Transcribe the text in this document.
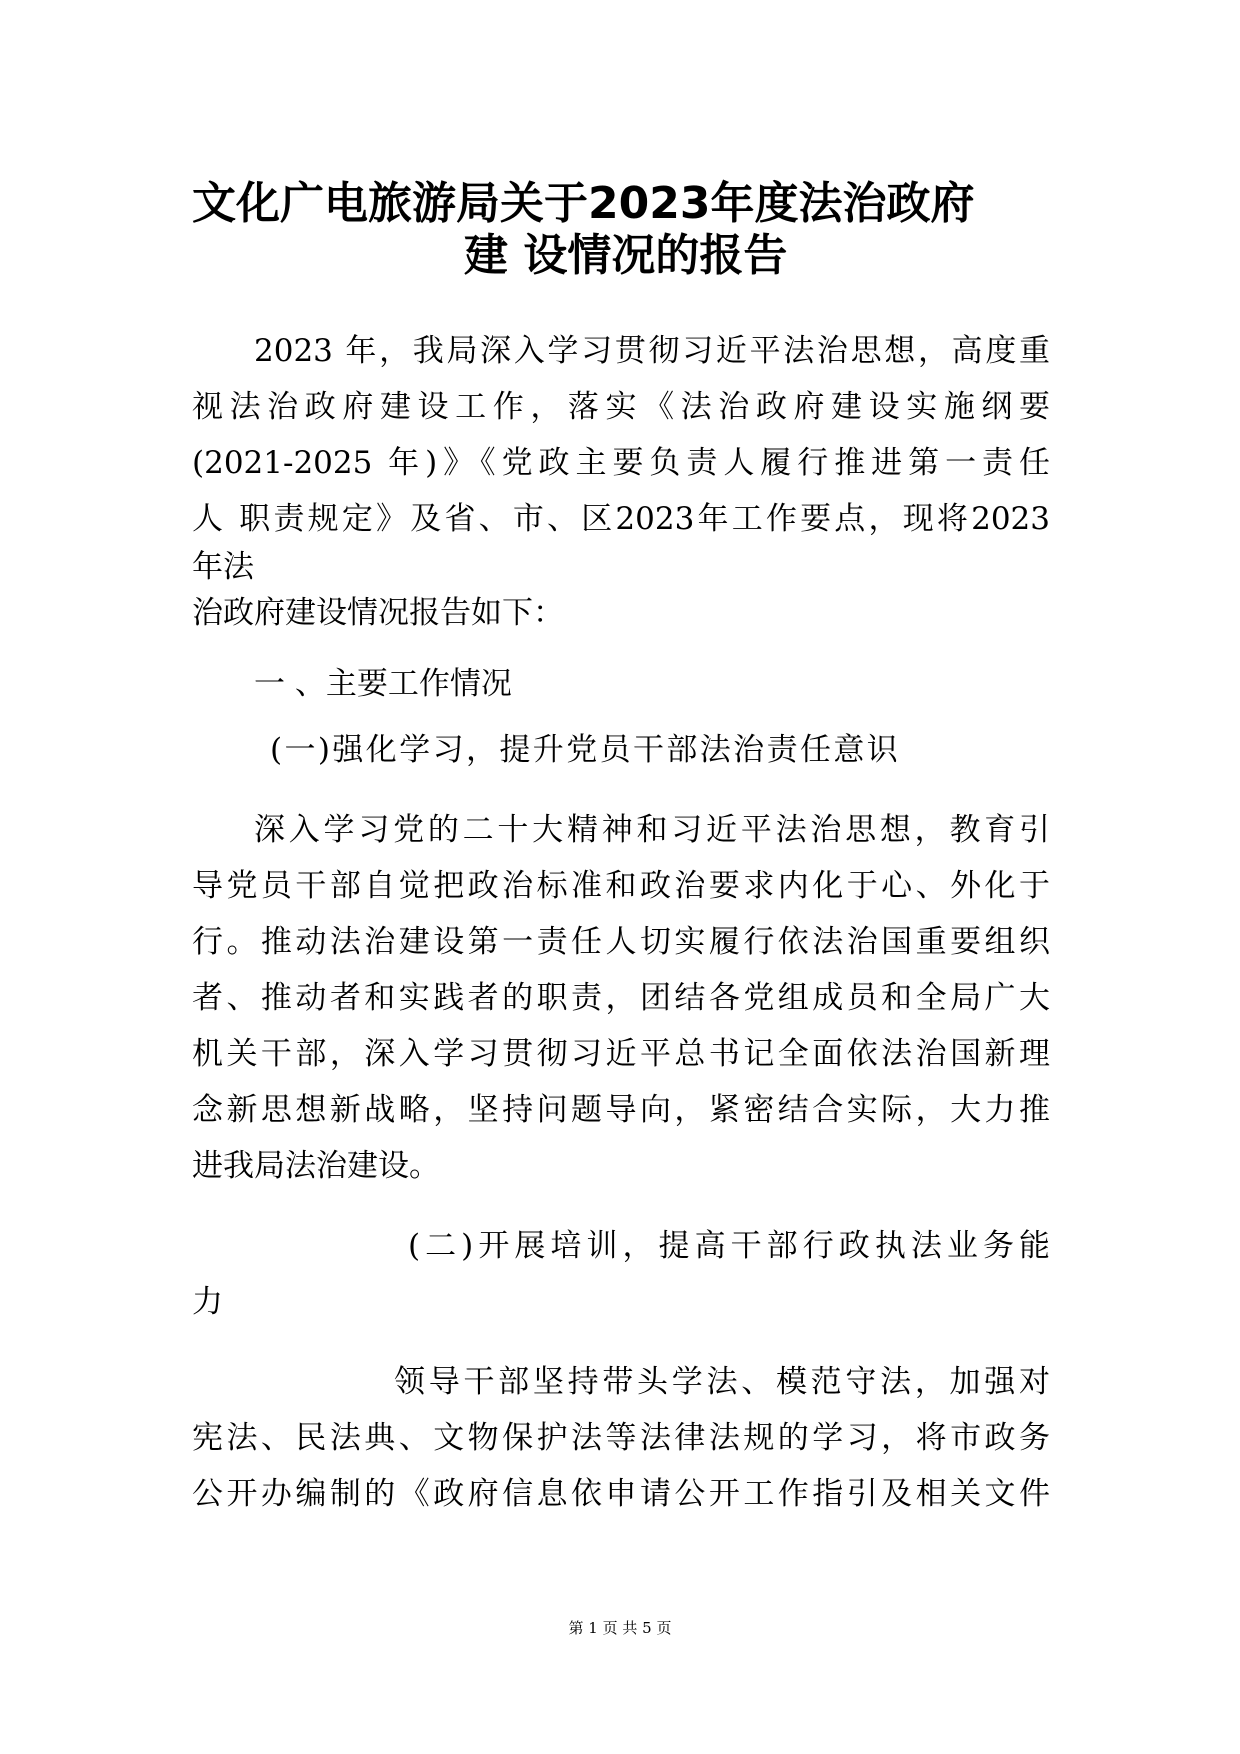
文化广电旅游局关于2023年度法治政府
建 设情况的报告
2023 年，我局深入学习贯彻习近平法治思想，高度重
视法治政府建设工作，落实《法治政府建设实施纲要
(2021-2025 年)》《党政主要负责人履行推进第一责任
人 职责规定》及省、市、区2023年工作要点，现将2023
年法
治政府建设情况报告如下：
一 、主要工作情况
(一)强化学习，提升党员干部法治责任意识
深入学习党的二十大精神和习近平法治思想，教育引
导党员干部自觉把政治标准和政治要求内化于心、外化于
行。推动法治建设第一责任人切实履行依法治国重要组织
者、推动者和实践者的职责，团结各党组成员和全局广大
机关干部，深入学习贯彻习近平总书记全面依法治国新理
念新思想新战略，坚持问题导向，紧密结合实际，大力推
进我局法治建设。
(二)开展培训，提高干部行政执法业务能
力
领导干部坚持带头学法、模范守法，加强对
宪法、民法典、文物保护法等法律法规的学习，将市政务
公开办编制的《政府信息依申请公开工作指引及相关文件
第 1 页 共 5 页
